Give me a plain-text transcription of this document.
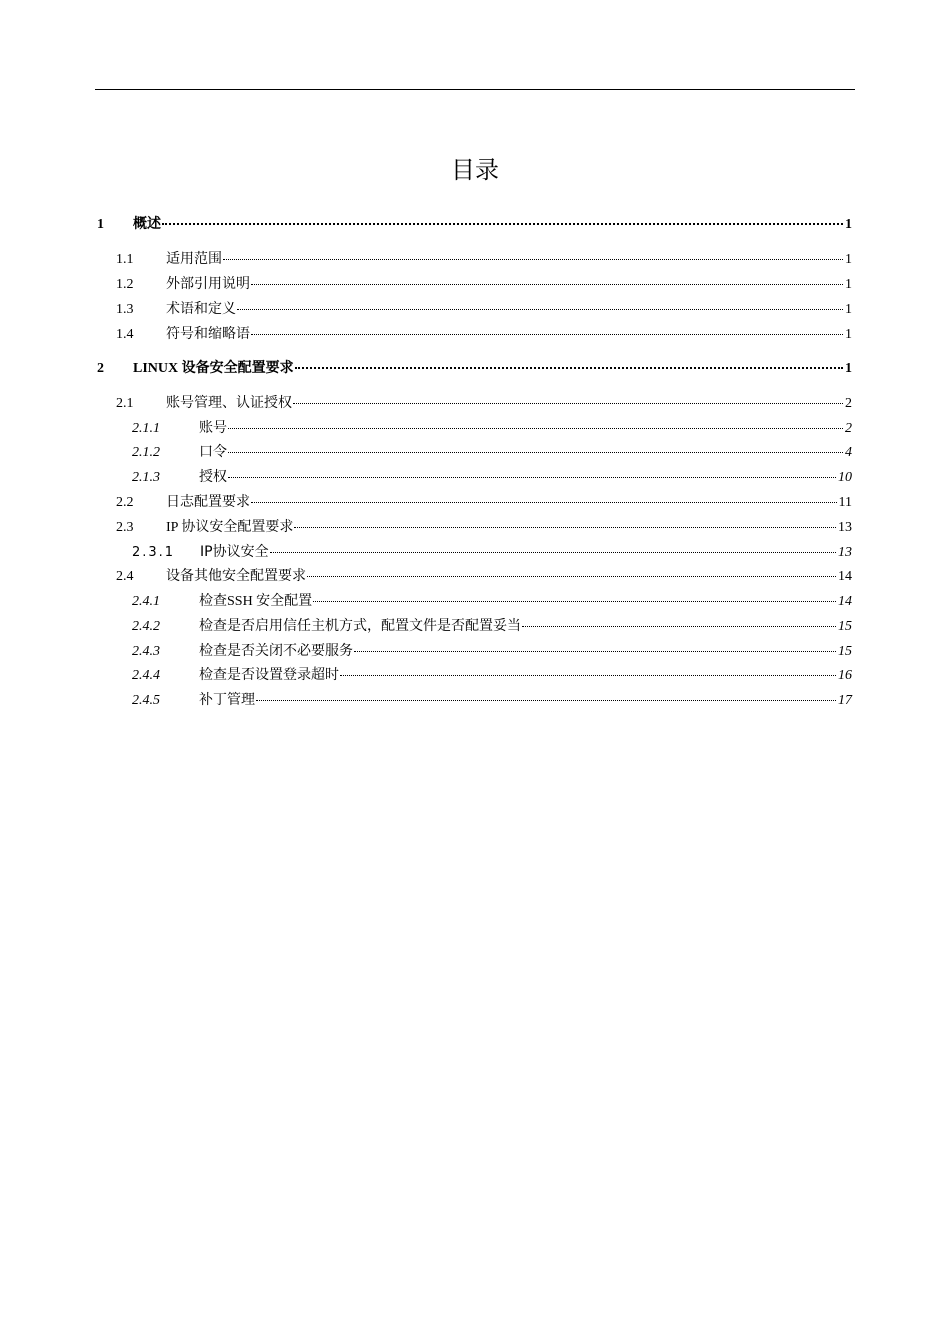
目录
1	概述	1
1.1	适用范围	1
1.2	外部引用说明	1
1.3	术语和定义	1
1.4	符号和缩略语	1
2	LINUX 设备安全配置要求	1
2.1	账号管理、认证授权	2
2.1.1	账号	2
2.1.2	口令	4
2.1.3	授权	10
2.2	日志配置要求	11
2.3	IP 协议安全配置要求	13
2.3.1	IP协议安全	13
2.4	设备其他安全配置要求	14
2.4.1	检查SSH 安全配置	14
2.4.2	检查是否启用信任主机方式，配置文件是否配置妥当	15
2.4.3	检查是否关闭不必要服务	15
2.4.4	检查是否设置登录超时	16
2.4.5	补丁管理	17
